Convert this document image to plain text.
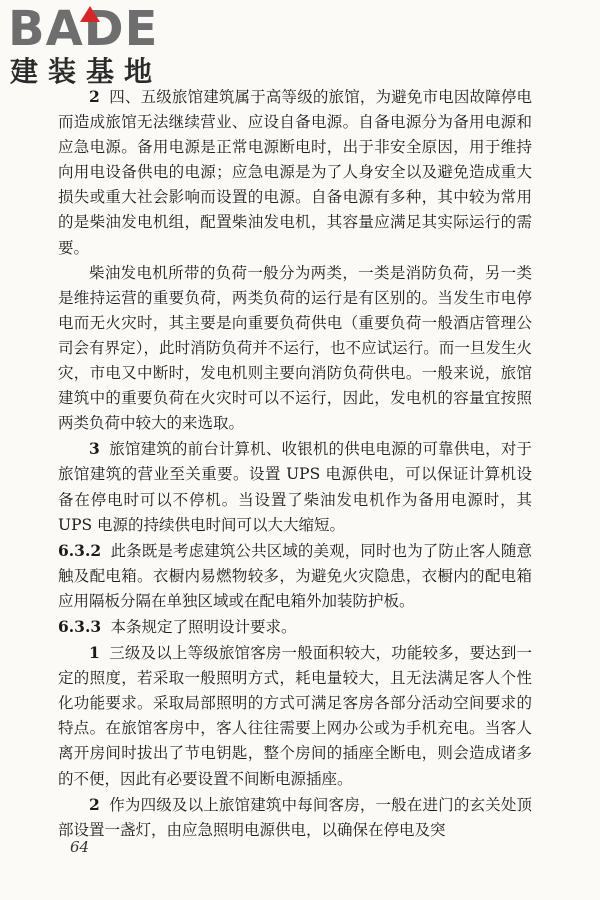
BADE
建装基地

2 四、五级旅馆建筑属于高等级的旅馆，为避免市电因故障停电而造成旅馆无法继续营业、应设自备电源。自备电源分为备用电源和应急电源。备用电源是正常电源断电时，出于非安全原因，用于维持向用电设备供电的电源；应急电源是为了人身安全以及避免造成重大损失或重大社会影响而设置的电源。自备电源有多种，其中较为常用的是柴油发电机组，配置柴油发电机，其容量应满足其实际运行的需要。

柴油发电机所带的负荷一般分为两类，一类是消防负荷，另一类是维持运营的重要负荷，两类负荷的运行是有区别的。当发生市电停电而无火灾时，其主要是向重要负荷供电（重要负荷一般酒店管理公司会有界定），此时消防负荷并不运行，也不应试运行。而一旦发生火灾，市电又中断时，发电机则主要向消防负荷供电。一般来说，旅馆建筑中的重要负荷在火灾时可以不运行，因此，发电机的容量宜按照两类负荷中较大的来选取。

3 旅馆建筑的前台计算机、收银机的供电电源的可靠供电，对于旅馆建筑的营业至关重要。设置 UPS 电源供电，可以保证计算机设备在停电时可以不停机。当设置了柴油发电机作为备用电源时，其 UPS 电源的持续供电时间可以大大缩短。

6.3.2 此条既是考虑建筑公共区域的美观，同时也为了防止客人随意触及配电箱。衣橱内易燃物较多，为避免火灾隐患，衣橱内的配电箱应用隔板分隔在单独区域或在配电箱外加装防护板。

6.3.3 本条规定了照明设计要求。

1 三级及以上等级旅馆客房一般面积较大，功能较多，要达到一定的照度，若采取一般照明方式，耗电量较大，且无法满足客人个性化功能要求。采取局部照明的方式可满足客房各部分活动空间要求的特点。在旅馆客房中，客人往往需要上网办公或为手机充电。当客人离开房间时拔出了节电钥匙，整个房间的插座全断电，则会造成诸多的不便，因此有必要设置不间断电源插座。

2 作为四级及以上旅馆建筑中每间客房，一般在进门的玄关处顶部设置一盏灯，由应急照明电源供电，以确保在停电及突

64
